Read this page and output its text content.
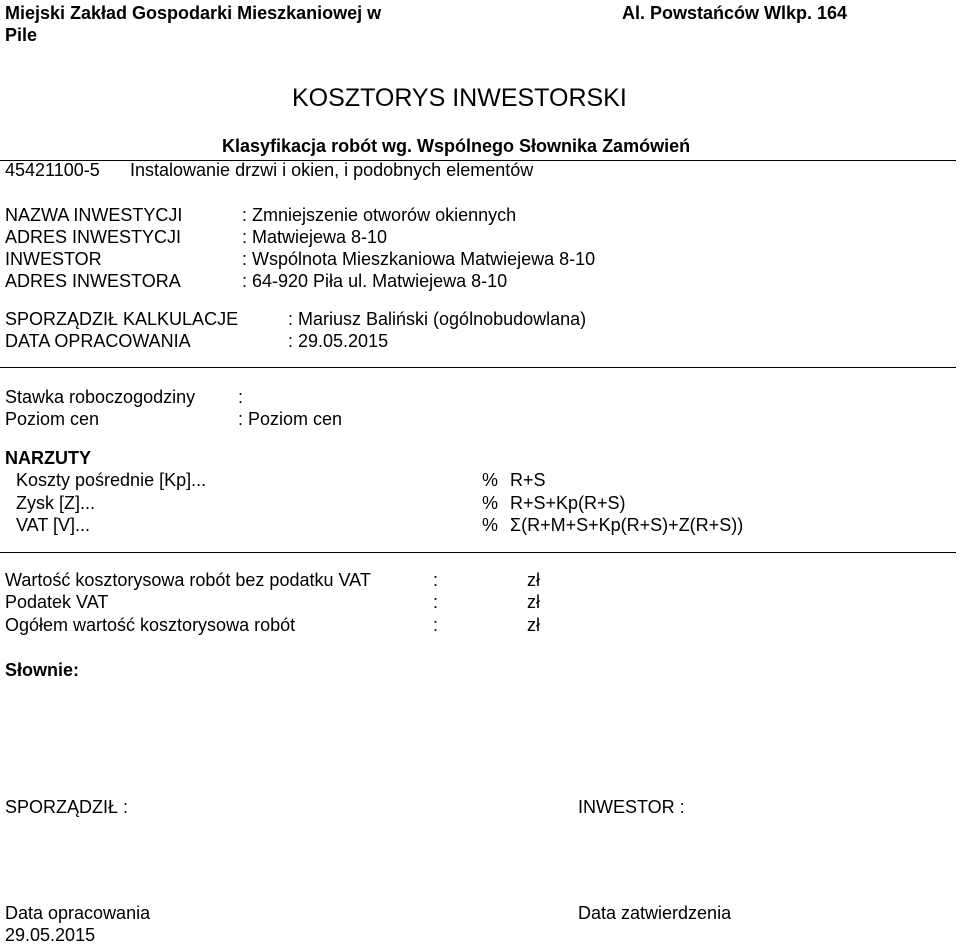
Miejski Zakład Gospodarki Mieszkaniowej w
Pile
Al. Powstańców Wlkp. 164
KOSZTORYS INWESTORSKI
Klasyfikacja robót wg. Wspólnego Słownika Zamówień
45421100-5 Instalowanie drzwi i okien, i podobnych elementów
NAZWA INWESTYCJI	: Zmniejszenie otworów okiennych
ADRES INWESTYCJI	: Matwiejewa 8-10
INWESTOR	: Wspólnota Mieszkaniowa Matwiejewa 8-10
ADRES INWESTORA	: 64-920 Piła ul. Matwiejewa 8-10
SPORZĄDZIŁ KALKULACJE	: Mariusz Baliński (ogólnobudowlana)
DATA OPRACOWANIA	: 29.05.2015
Stawka roboczogodziny :
Poziom cen	: Poziom cen
NARZUTY
Koszty pośrednie [Kp]...	% R+S
Zysk [Z]...	% R+S+Kp(R+S)
VAT [V]...	% Σ(R+M+S+Kp(R+S)+Z(R+S))
Wartość kosztorysowa robót bez podatku VAT	:	zł
Podatek VAT	:	zł
Ogółem wartość kosztorysowa robót	:	zł
Słownie:
SPORZĄDZIŁ :	INWESTOR :
Data opracowania
29.05.2015
Data zatwierdzenia
